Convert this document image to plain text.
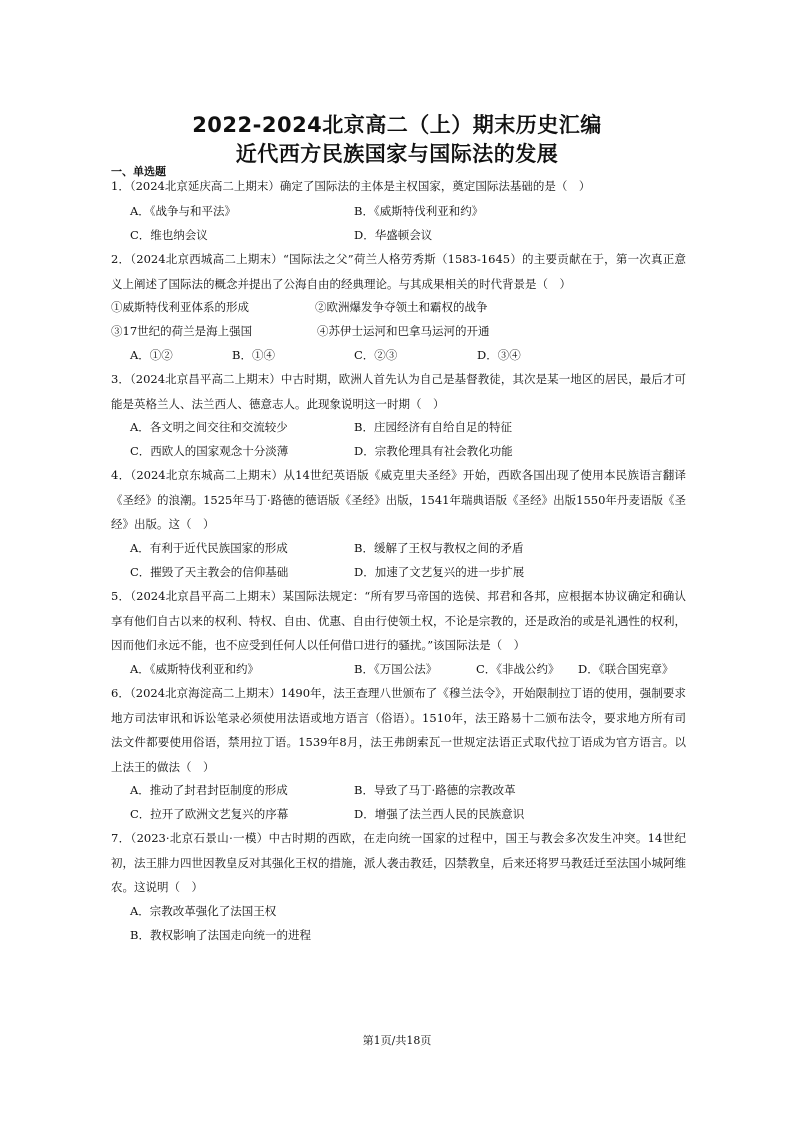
2022-2024北京高二（上）期末历史汇编
近代西方民族国家与国际法的发展
一、单选题
1．（2024北京延庆高二上期末）确定了国际法的主体是主权国家，奠定国际法基础的是（　）
A．《战争与和平法》	B．《威斯特伐利亚和约》
C．维也纳会议	D．华盛顿会议
2．（2024北京西城高二上期末）“国际法之父”荷兰人格劳秀斯（1583-1645）的主要贡献在于，第一次真正意义上阐述了国际法的概念并提出了公海自由的经典理论。与其成果相关的时代背景是（　）
①威斯特伐利亚体系的形成	②欧洲爆发争夺领土和霸权的战争
③17世纪的荷兰是海上强国	④苏伊士运河和巴拿马运河的开通
A．①②	B．①④	C．②③	D．③④
3．（2024北京昌平高二上期末）中古时期，欧洲人首先认为自己是基督教徒，其次是某一地区的居民，最后才可能是英格兰人、法兰西人、德意志人。此现象说明这一时期（　）
A．各文明之间交往和交流较少	B．庄园经济有自给自足的特征
C．西欧人的国家观念十分淡薄	D．宗教伦理具有社会教化功能
4．（2024北京东城高二上期末）从14世纪英语版《威克里夫圣经》开始，西欧各国出现了使用本民族语言翻译《圣经》的浪潮。1525年马丁·路德的德语版《圣经》出版，1541年瑞典语版《圣经》出版1550年丹麦语版《圣经》出版。这（　）
A．有利于近代民族国家的形成	B．缓解了王权与教权之间的矛盾
C．摧毁了天主教会的信仰基础	D．加速了文艺复兴的进一步扩展
5．（2024北京昌平高二上期末）某国际法规定：“所有罗马帝国的选侯、邦君和各邦，应根据本协议确定和确认享有他们自古以来的权利、特权、自由、优惠、自由行使领土权，不论是宗教的，还是政治的或是礼遇性的权利，因而他们永远不能，也不应受到任何人以任何借口进行的骚扰。”该国际法是（　）
A．《威斯特伐利亚和约》	B．《万国公法》	C．《非战公约》 D．《联合国宪章》
6．（2024北京海淀高二上期末）1490年，法王查理八世颁布了《穆兰法令》，开始限制拉丁语的使用，强制要求地方司法审讯和诉讼笔录必须使用法语或地方语言（俗语）。1510年，法王路易十二颁布法令，要求地方所有司法文件都要使用俗语，禁用拉丁语。1539年8月，法王弗朗索瓦一世规定法语正式取代拉丁语成为官方语言。以上法王的做法（　）
A．推动了封君封臣制度的形成	B．导致了马丁·路德的宗教改革
C．拉开了欧洲文艺复兴的序幕	D．增强了法兰西人民的民族意识
7．（2023·北京石景山·一模）中古时期的西欧，在走向统一国家的过程中，国王与教会多次发生冲突。14世纪初，法王腓力四世因教皇反对其强化王权的措施，派人袭击教廷，囚禁教皇，后来还将罗马教廷迁至法国小城阿维农。这说明（　）
A．宗教改革强化了法国王权
B．教权影响了法国走向统一的进程
第1页/共18页
